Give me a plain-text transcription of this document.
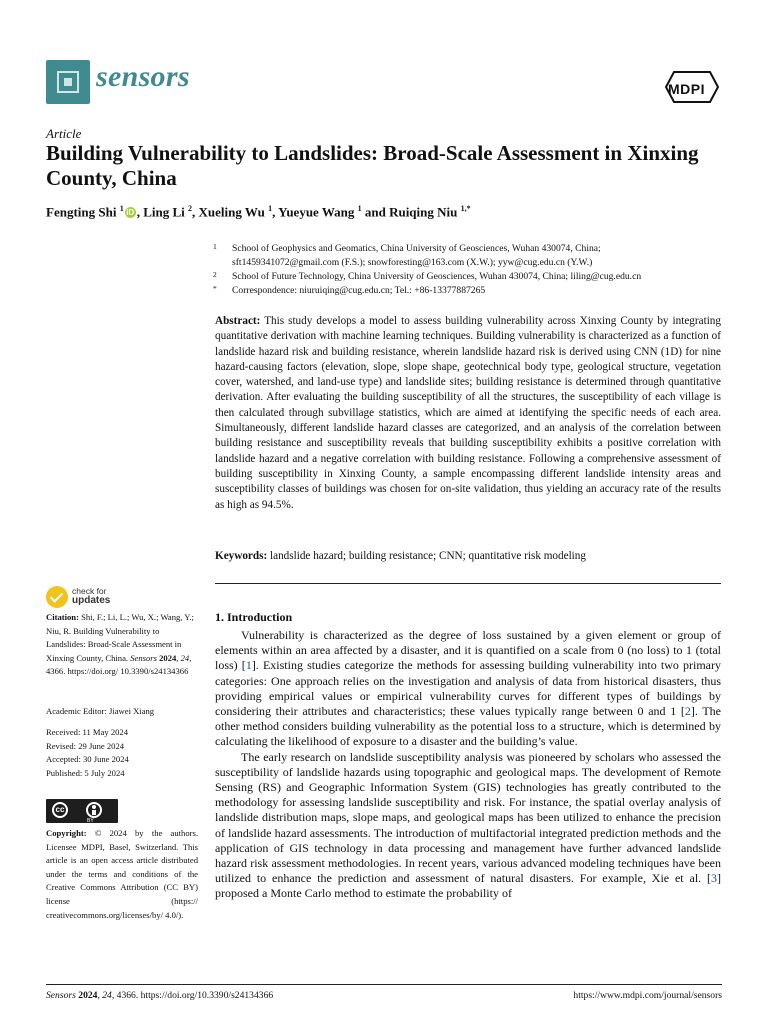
sensors	MDPI
Article
Building Vulnerability to Landslides: Broad-Scale Assessment in Xinxing County, China
Fengting Shi $^1$ iD , Ling Li $^2$, Xueling Wu $^1$, Yueyue Wang $^1$ and Ruiqing Niu $^{1,*}$
1 School of Geophysics and Geomatics, China University of Geosciences, Wuhan 430074, China;
sft1459341072@gmail.com (F.S.); snowforesting@163.com (X.W.); yyw@cug.edu.cn (Y.W.)
2 School of Future Technology, China University of Geosciences, Wuhan 430074, China; liling@cug.edu.cn
* Correspondence: niuruiqing@cug.edu.cn; Tel.: +86-13377887265
Abstract: This study develops a model to assess building vulnerability across Xinxing County by integrating quantitative derivation with machine learning techniques. Building vulnerability is characterized as a function of landslide hazard risk and building resistance, wherein landslide hazard risk is derived using CNN (1D) for nine hazard-causing factors (elevation, slope, slope shape, geotechnical body type, geological structure, vegetation cover, watershed, and land-use type) and landslide sites; building resistance is determined through quantitative derivation. After evaluating the building susceptibility of all the structures, the susceptibility of each village is then calculated through subvillage statistics, which are aimed at identifying the specific needs of each area. Simultaneously, different landslide hazard classes are categorized, and an analysis of the correlation between building resistance and susceptibility reveals that building susceptibility exhibits a positive correlation with landslide hazard and a negative correlation with building resistance. Following a comprehensive assessment of building susceptibility in Xinxing County, a sample encompassing different landslide intensity areas and susceptibility classes of buildings was chosen for on-site validation, thus yielding an accuracy rate of the results as high as 94.5%.
Keywords: landslide hazard; building resistance; CNN; quantitative risk modeling
check for
updates
Citation: Shi, F.; Li, L.; Wu, X.; Wang, Y.; Niu, R. Building Vulnerability to Landslides: Broad-Scale Assessment in Xinxing County, China. Sensors 2024, 24, 4366. https://doi.org/ 10.3390/s24134366
Academic Editor: Jiawei Xiang
Received: 11 May 2024
Revised: 29 June 2024
Accepted: 30 June 2024
Published: 5 July 2024
cc
BY
Copyright: © 2024 by the authors. Licensee MDPI, Basel, Switzerland. This article is an open access article distributed under the terms and conditions of the Creative Commons Attribution (CC BY) license (https:// creativecommons.org/licenses/by/ 4.0/).
1. Introduction

Vulnerability is characterized as the degree of loss sustained by a given element or group of elements within an area affected by a disaster, and it is quantified on a scale from 0 (no loss) to 1 (total loss) [1]. Existing studies categorize the methods for assessing building vulnerability into two primary categories: One approach relies on the investigation and analysis of data from historical disasters, thus providing empirical values or empirical vulnerability curves for different types of buildings by considering their attributes and characteristics; these values typically range between 0 and 1 [2]. The other method considers building vulnerability as the potential loss to a structure, which is determined by calculating the likelihood of exposure to a disaster and the building’s value.

The early research on landslide susceptibility analysis was pioneered by scholars who assessed the susceptibility of landslide hazards using topographic and geological maps. The development of Remote Sensing (RS) and Geographic Information System (GIS) technologies has greatly contributed to the methodology for assessing landslide susceptibility and risk. For instance, the spatial overlay analysis of landslide distribution maps, slope maps, and geological maps has been utilized to enhance the precision of landslide hazard assessments. The introduction of multifactorial integrated prediction methods and the application of GIS technology in data processing and management have further advanced landslide hazard risk assessment methodologies. In recent years, various advanced modeling techniques have been utilized to enhance the prediction and assessment of natural disasters. For example, Xie et al. [3] proposed a Monte Carlo method to estimate the probability of

Sensors 2024, 24, 4366. https://doi.org/10.3390/s24134366	https://www.mdpi.com/journal/sensors
